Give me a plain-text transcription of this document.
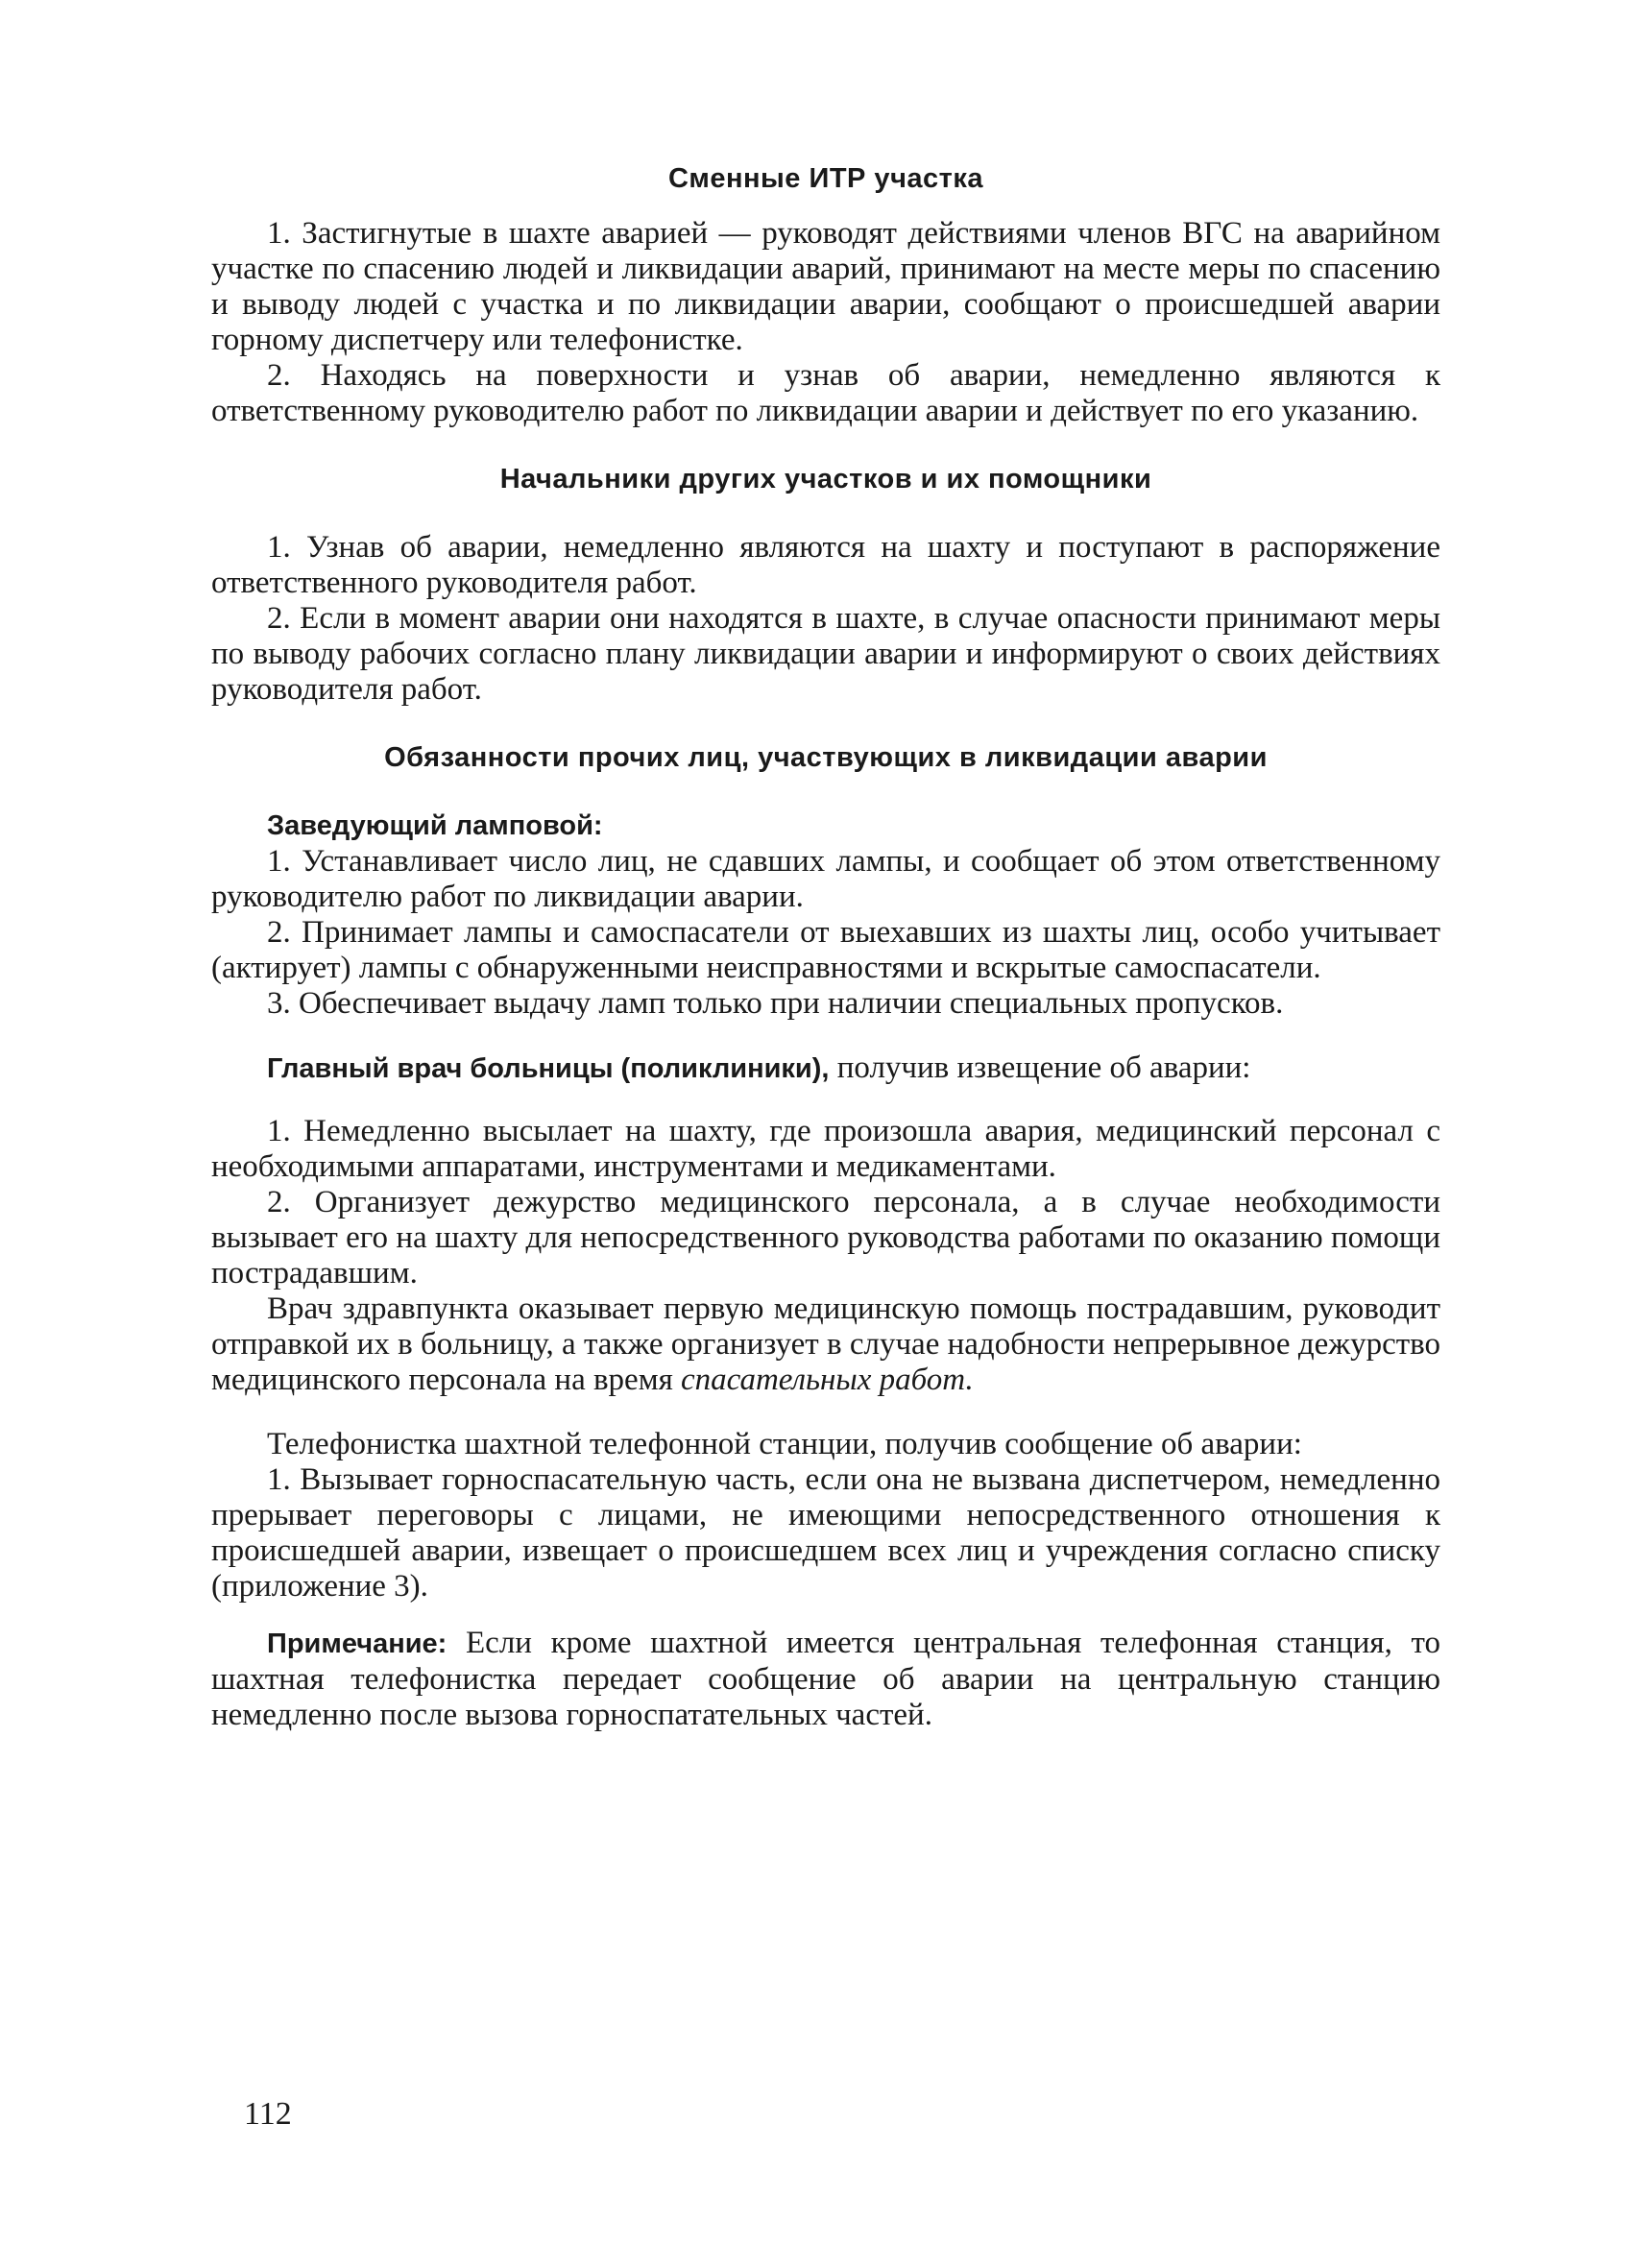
Сменные ИТР участка

1. Застигнутые в шахте аварией — руководят действиями членов ВГС на аварийном участке по спасению людей и ликвидации аварий, принимают на месте меры по спасению и выводу людей с участка и по ликвидации аварии, сообщают о происшедшей аварии горному диспетчеру или телефонистке.

2. Находясь на поверхности и узнав об аварии, немедленно являются к ответственному руководителю работ по ликвидации аварии и действует по его указанию.

Начальники других участков и их помощники

1. Узнав об аварии, немедленно являются на шахту и поступают в распоряжение ответственного руководителя работ.

2. Если в момент аварии они находятся в шахте, в случае опасности принимают меры по выводу рабочих согласно плану ликвидации аварии и информируют о своих действиях руководителя работ.

Обязанности прочих лиц, участвующих в ликвидации аварии

Заведующий ламповой:

1. Устанавливает число лиц, не сдавших лампы, и сообщает об этом ответственному руководителю работ по ликвидации аварии.

2. Принимает лампы и самоспасатели от выехавших из шахты лиц, особо учитывает (актирует) лампы с обнаруженными неисправностями и вскрытые самоспасатели.

3. Обеспечивает выдачу ламп только при наличии специальных пропусков.

Главный врач больницы (поликлиники), получив извещение об аварии:

1. Немедленно высылает на шахту, где произошла авария, медицинский персонал с необходимыми аппаратами, инструментами и медикаментами.

2. Организует дежурство медицинского персонала, а в случае необходимости вызывает его на шахту для непосредственного руководства работами по оказанию помощи пострадавшим.

Врач здравпункта оказывает первую медицинскую помощь пострадавшим, руководит отправкой их в больницу, а также организует в случае надобности непрерывное дежурство медицинского персонала на время спасательных работ.

Телефонистка шахтной телефонной станции, получив сообщение об аварии:

1. Вызывает горноспасательную часть, если она не вызвана диспетчером, немедленно прерывает переговоры с лицами, не имеющими непосредственного отношения к происшедшей аварии, извещает о происшедшем всех лиц и учреждения согласно списку (приложение 3).

Примечание: Если кроме шахтной имеется центральная телефонная станция, то шахтная телефонистка передает сообщение об аварии на центральную станцию немедленно после вызова горноспатательных частей.

112
